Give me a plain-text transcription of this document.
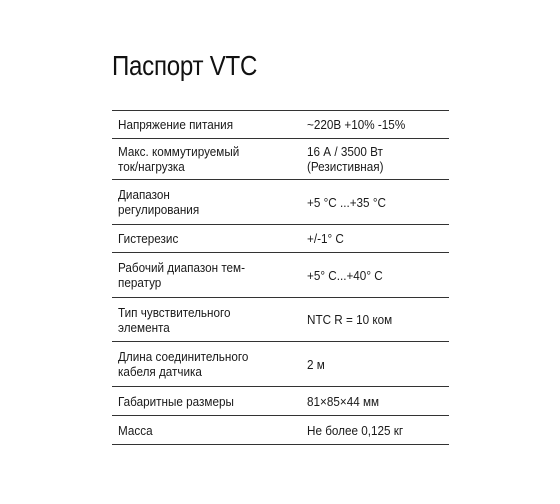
Паспорт VTC
Напряжение питания	~220В +10% -15%

Макс. коммутируемый
ток/нагрузка	16 А / 3500 Вт
(Резистивная)

Диапазон
регулирования	+5 °С ...+35 °С

Гистерезис	+/-1° С

Рабочий диапазон тем-
ператур	+5° С...+40° С

Тип чувствительного
элемента	NTC R = 10 ком

Длина соединительного
кабеля датчика	2 м

Габаритные размеры	81×85×44 мм

Масса	Не более 0,125 кг
